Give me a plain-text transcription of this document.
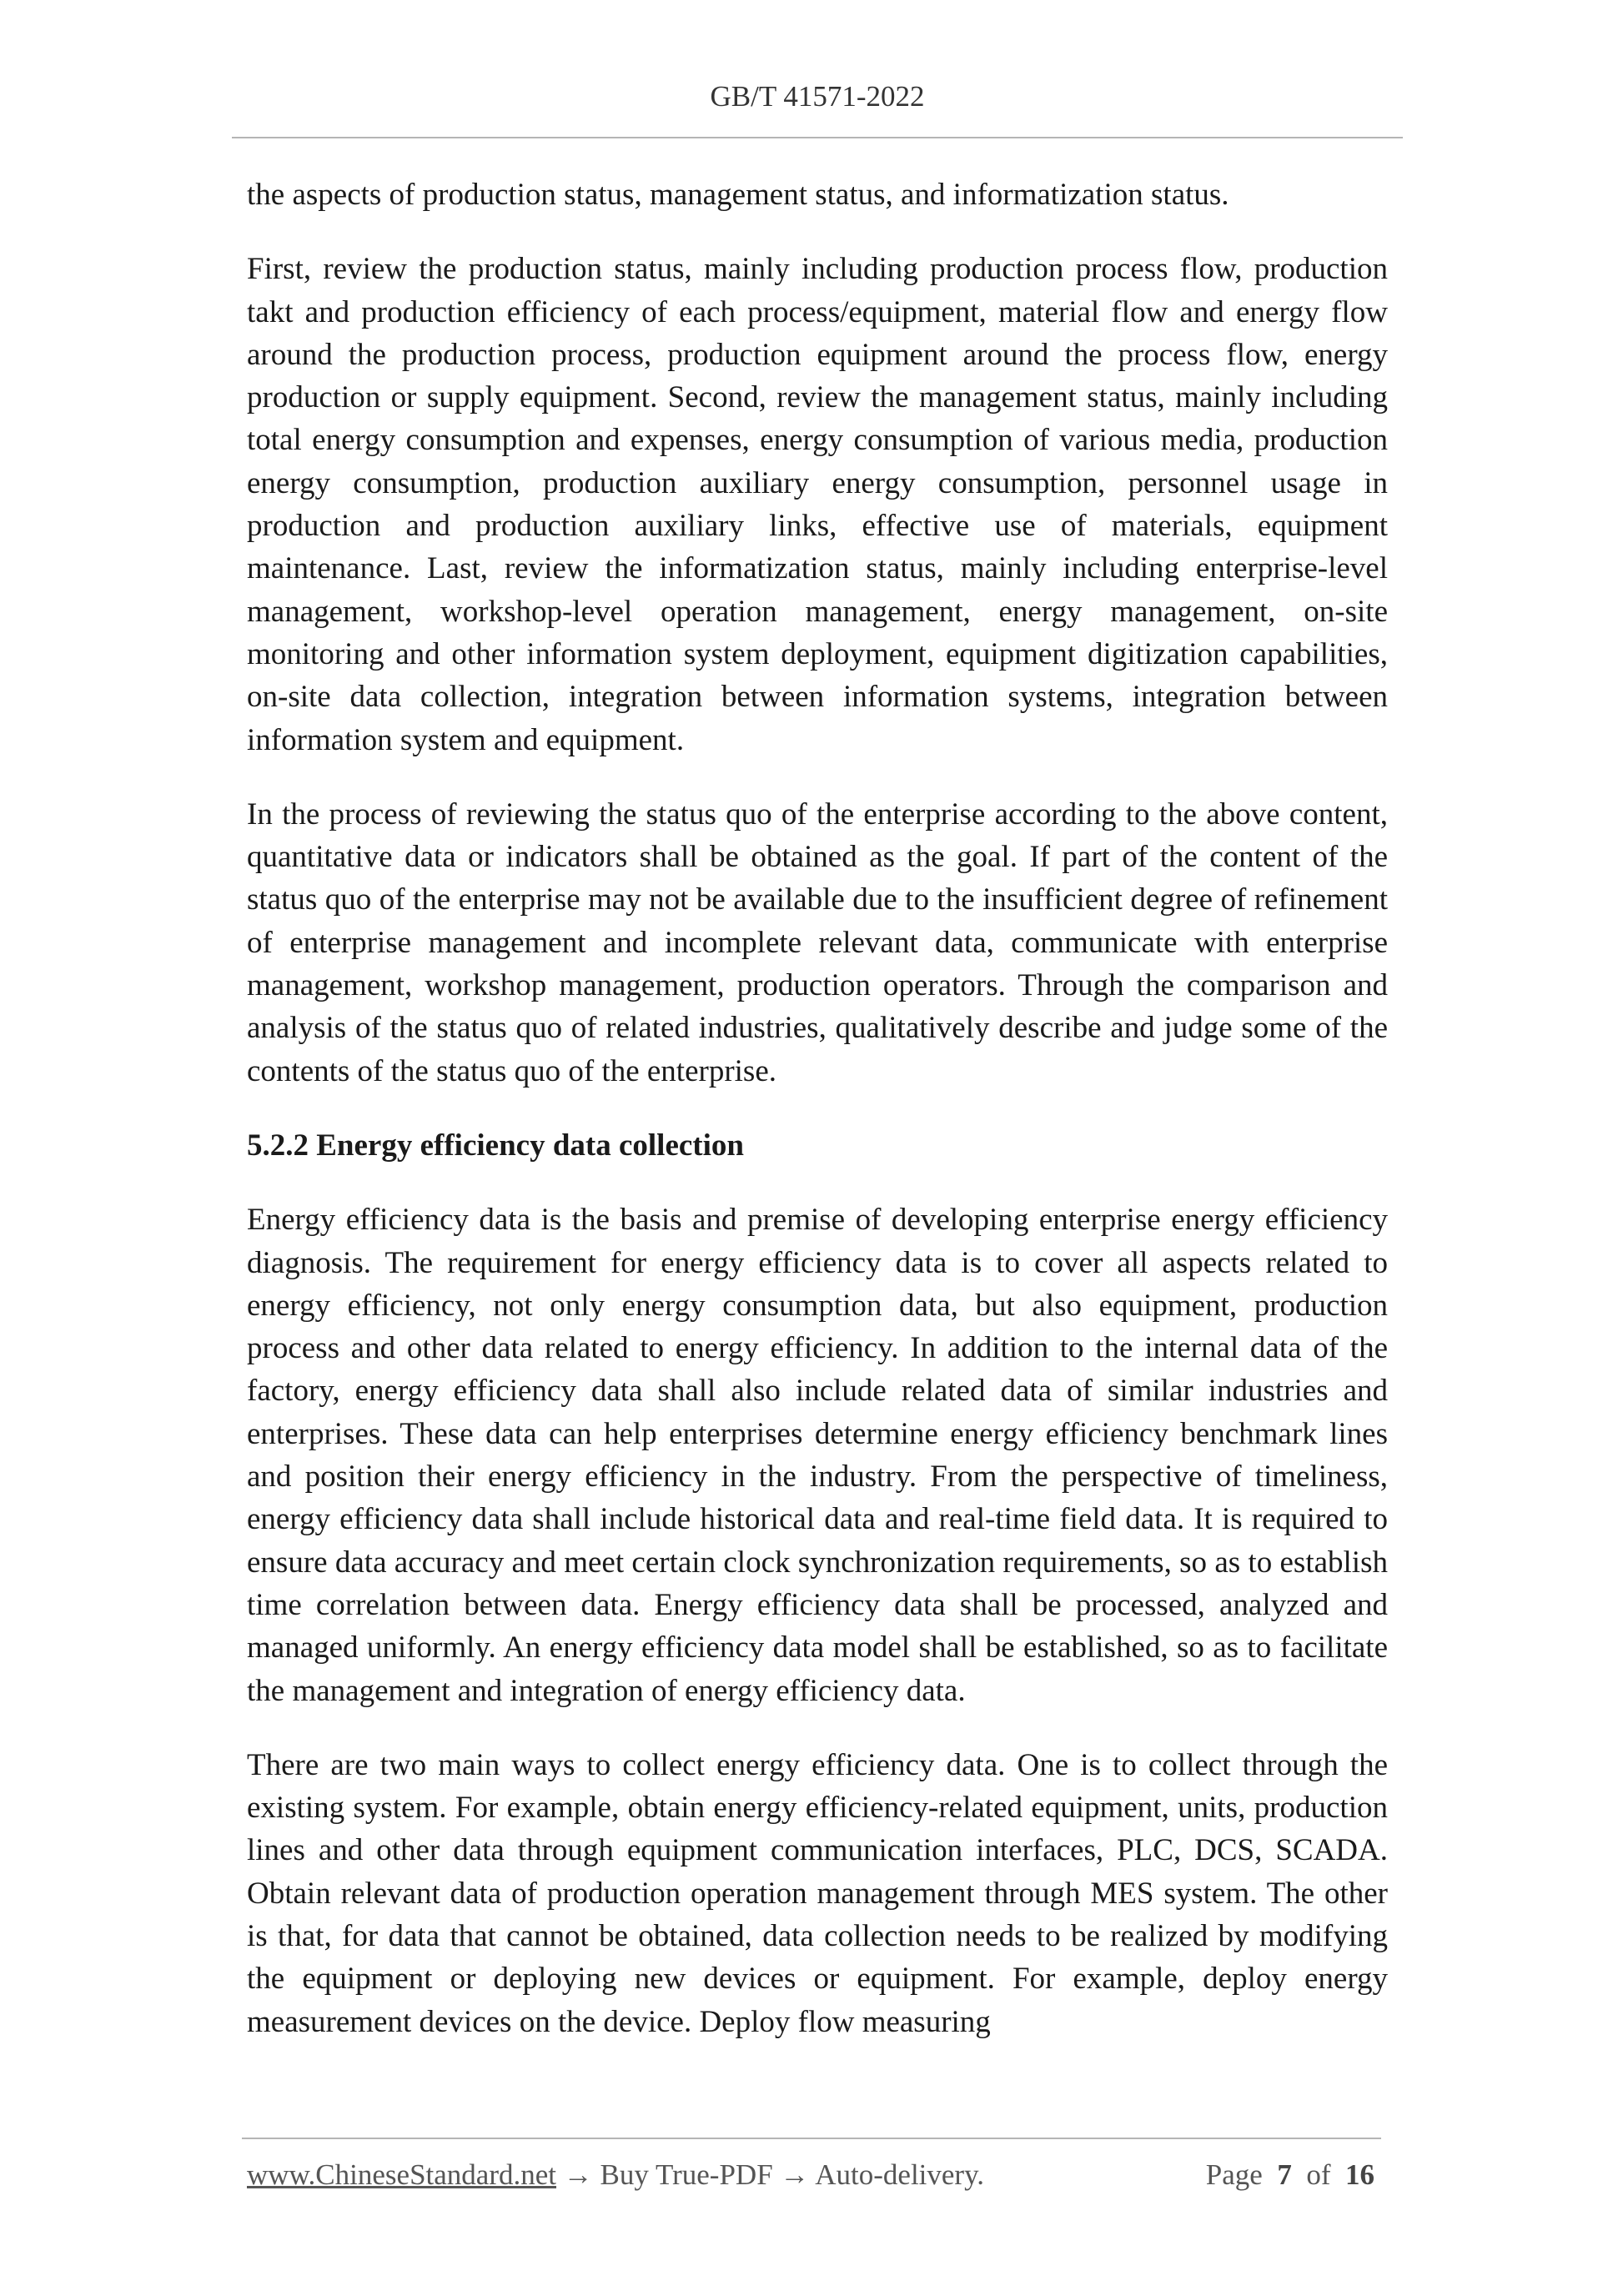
GB/T 41571-2022

the aspects of production status, management status, and informatization status.

First, review the production status, mainly including production process flow, production takt and production efficiency of each process/equipment, material flow and energy flow around the production process, production equipment around the process flow, energy production or supply equipment. Second, review the management status, mainly including total energy consumption and expenses, energy consumption of various media, production energy consumption, production auxiliary energy consumption, personnel usage in production and production auxiliary links, effective use of materials, equipment maintenance. Last, review the informatization status, mainly including enterprise-level management, workshop-level operation management, energy management, on-site monitoring and other information system deployment, equipment digitization capabilities, on-site data collection, integration between information systems, integration between information system and equipment.

In the process of reviewing the status quo of the enterprise according to the above content, quantitative data or indicators shall be obtained as the goal. If part of the content of the status quo of the enterprise may not be available due to the insufficient degree of refinement of enterprise management and incomplete relevant data, communicate with enterprise management, workshop management, production operators. Through the comparison and analysis of the status quo of related industries, qualitatively describe and judge some of the contents of the status quo of the enterprise.

5.2.2 Energy efficiency data collection

Energy efficiency data is the basis and premise of developing enterprise energy efficiency diagnosis. The requirement for energy efficiency data is to cover all aspects related to energy efficiency, not only energy consumption data, but also equipment, production process and other data related to energy efficiency. In addition to the internal data of the factory, energy efficiency data shall also include related data of similar industries and enterprises. These data can help enterprises determine energy efficiency benchmark lines and position their energy efficiency in the industry. From the perspective of timeliness, energy efficiency data shall include historical data and real-time field data. It is required to ensure data accuracy and meet certain clock synchronization requirements, so as to establish time correlation between data. Energy efficiency data shall be processed, analyzed and managed uniformly. An energy efficiency data model shall be established, so as to facilitate the management and integration of energy efficiency data.

There are two main ways to collect energy efficiency data. One is to collect through the existing system. For example, obtain energy efficiency-related equipment, units, production lines and other data through equipment communication interfaces, PLC, DCS, SCADA. Obtain relevant data of production operation management through MES system. The other is that, for data that cannot be obtained, data collection needs to be realized by modifying the equipment or deploying new devices or equipment. For example, deploy energy measurement devices on the device. Deploy flow measuring

www.ChineseStandard.net → Buy True-PDF → Auto-delivery.	Page 7 of 16
